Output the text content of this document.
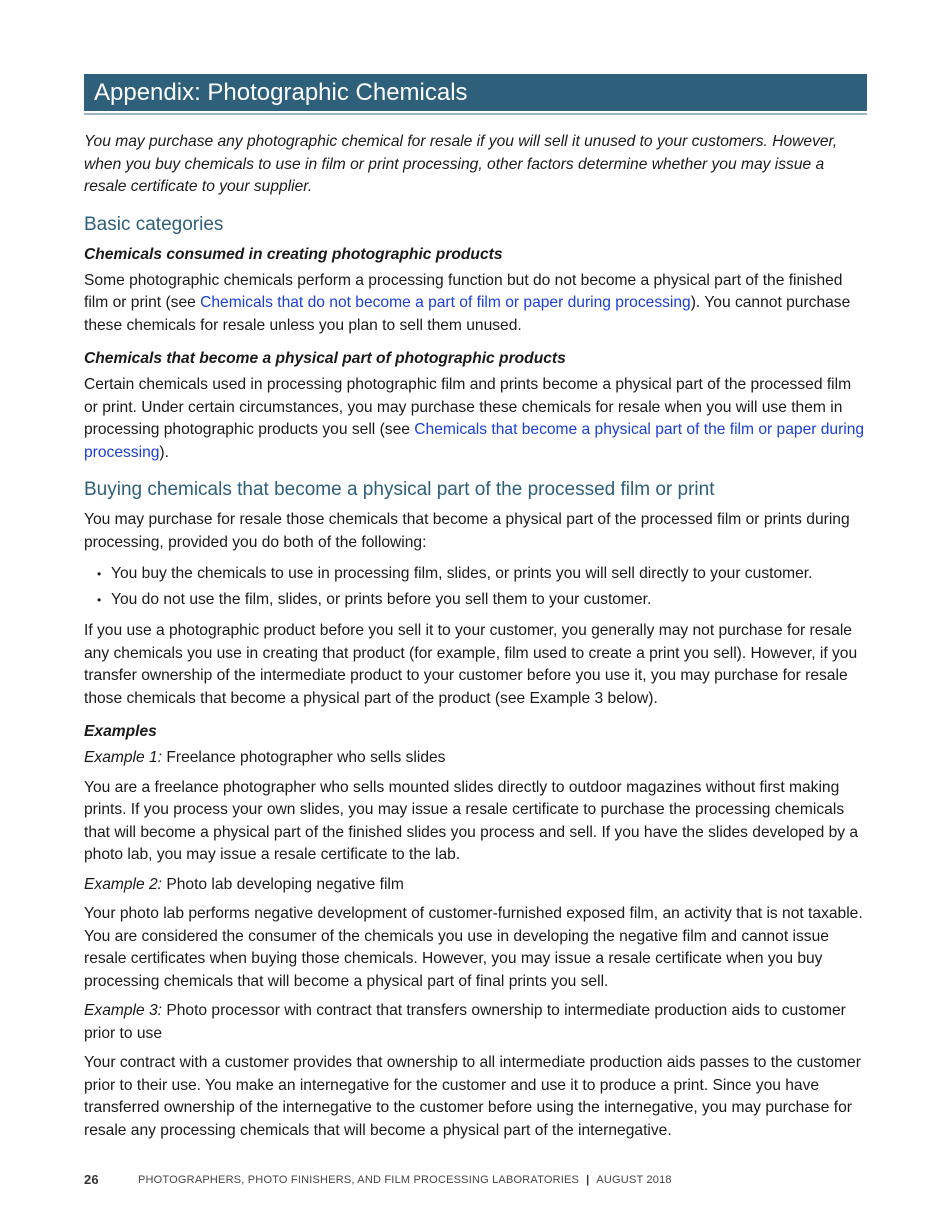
Appendix: Photographic Chemicals

You may purchase any photographic chemical for resale if you will sell it unused to your customers. However, when you buy chemicals to use in film or print processing, other factors determine whether you may issue a resale certificate to your supplier.

Basic categories
Chemicals consumed in creating photographic products

Some photographic chemicals perform a processing function but do not become a physical part of the finished film or print (see Chemicals that do not become a part of film or paper during processing). You cannot purchase these chemicals for resale unless you plan to sell them unused.

Chemicals that become a physical part of photographic products

Certain chemicals used in processing photographic film and prints become a physical part of the processed film or print. Under certain circumstances, you may purchase these chemicals for resale when you will use them in processing photographic products you sell (see Chemicals that become a physical part of the film or paper during processing).

Buying chemicals that become a physical part of the processed film or print

You may purchase for resale those chemicals that become a physical part of the processed film or prints during processing, provided you do both of the following:

• You buy the chemicals to use in processing film, slides, or prints you will sell directly to your customer.
• You do not use the film, slides, or prints before you sell them to your customer.

If you use a photographic product before you sell it to your customer, you generally may not purchase for resale any chemicals you use in creating that product (for example, film used to create a print you sell). However, if you transfer ownership of the intermediate product to your customer before you use it, you may purchase for resale those chemicals that become a physical part of the product (see Example 3 below).

Examples

Example 1: Freelance photographer who sells slides

You are a freelance photographer who sells mounted slides directly to outdoor magazines without first making prints. If you process your own slides, you may issue a resale certificate to purchase the processing chemicals that will become a physical part of the finished slides you process and sell. If you have the slides developed by a photo lab, you may issue a resale certificate to the lab.

Example 2: Photo lab developing negative film

Your photo lab performs negative development of customer-furnished exposed film, an activity that is not taxable. You are considered the consumer of the chemicals you use in developing the negative film and cannot issue resale certificates when buying those chemicals. However, you may issue a resale certificate when you buy processing chemicals that will become a physical part of final prints you sell.

Example 3: Photo processor with contract that transfers ownership to intermediate production aids to customer prior to use

Your contract with a customer provides that ownership to all intermediate production aids passes to the customer prior to their use. You make an internegative for the customer and use it to produce a print. Since you have transferred ownership of the internegative to the customer before using the internegative, you may purchase for resale any processing chemicals that will become a physical part of the internegative.

26	PHOTOGRAPHERS, PHOTO FINISHERS, AND FILM PROCESSING LABORATORIES | AUGUST 2018
